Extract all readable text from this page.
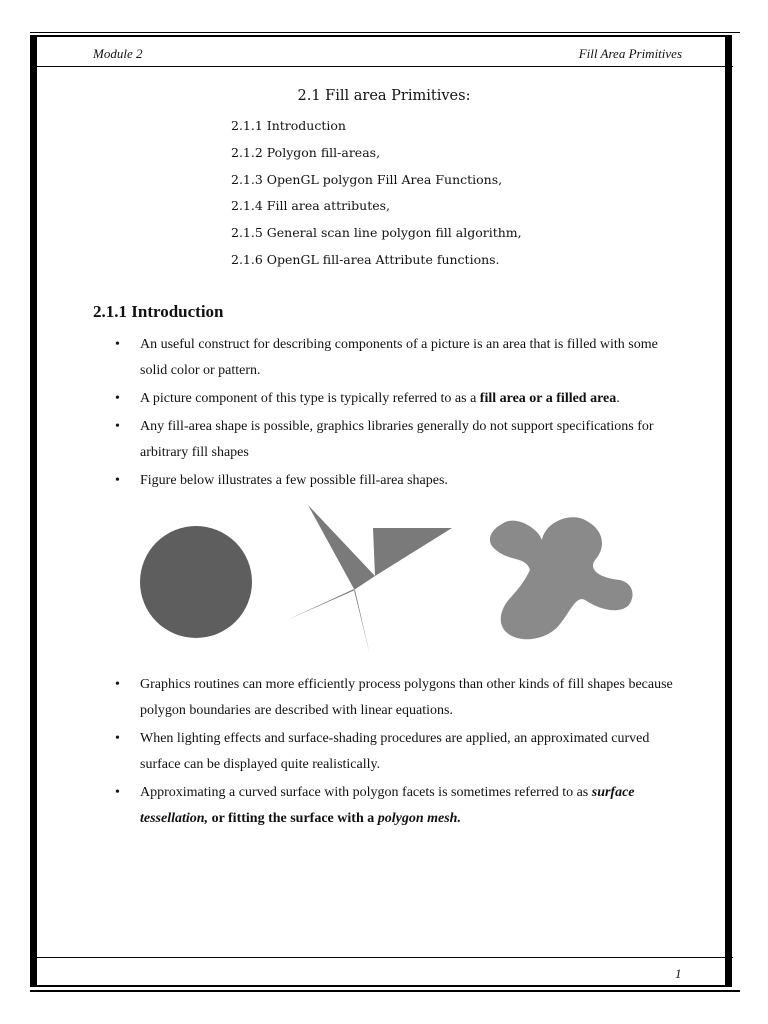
Module 2	Fill Area Primitives
2.1 Fill area Primitives:
2.1.1 Introduction
2.1.2 Polygon fill-areas,
2.1.3 OpenGL polygon Fill Area Functions,
2.1.4 Fill area attributes,
2.1.5 General scan line polygon fill algorithm,
2.1.6 OpenGL fill-area Attribute functions.
2.1.1 Introduction
• An useful construct for describing components of a picture is an area that is filled with some solid color or pattern.
• A picture component of this type is typically referred to as a fill area or a filled area.
• Any fill-area shape is possible, graphics libraries generally do not support specifications for arbitrary fill shapes
• Figure below illustrates a few possible fill-area shapes.
• Graphics routines can more efficiently process polygons than other kinds of fill shapes because polygon boundaries are described with linear equations.
• When lighting effects and surface-shading procedures are applied, an approximated curved surface can be displayed quite realistically.
• Approximating a curved surface with polygon facets is sometimes referred to as surface tessellation, or fitting the surface with a polygon mesh.
1
